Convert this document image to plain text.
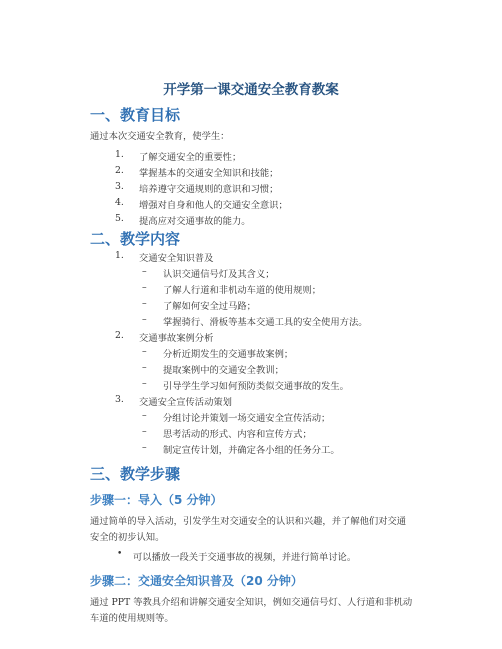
开学第一课交通安全教育教案
一、教育目标
通过本次交通安全教育，使学生：
1. 了解交通安全的重要性；
2. 掌握基本的交通安全知识和技能；
3. 培养遵守交通规则的意识和习惯；
4. 增强对自身和他人的交通安全意识；
5. 提高应对交通事故的能力。
二、教学内容
1. 交通安全知识普及
– 认识交通信号灯及其含义；
– 了解人行道和非机动车道的使用规则；
– 了解如何安全过马路；
– 掌握骑行、滑板等基本交通工具的安全使用方法。
2. 交通事故案例分析
– 分析近期发生的交通事故案例；
– 提取案例中的交通安全教训；
– 引导学生学习如何预防类似交通事故的发生。
3. 交通安全宣传活动策划
– 分组讨论并策划一场交通安全宣传活动；
– 思考活动的形式、内容和宣传方式；
– 制定宣传计划，并确定各小组的任务分工。
三、教学步骤
步骤一：导入（5 分钟）
通过简单的导入活动，引发学生对交通安全的认识和兴趣，并了解他们对交通
安全的初步认知。
• 可以播放一段关于交通事故的视频，并进行简单讨论。
步骤二：交通安全知识普及（20 分钟）
通过 PPT 等教具介绍和讲解交通安全知识，例如交通信号灯、人行道和非机动
车道的使用规则等。
